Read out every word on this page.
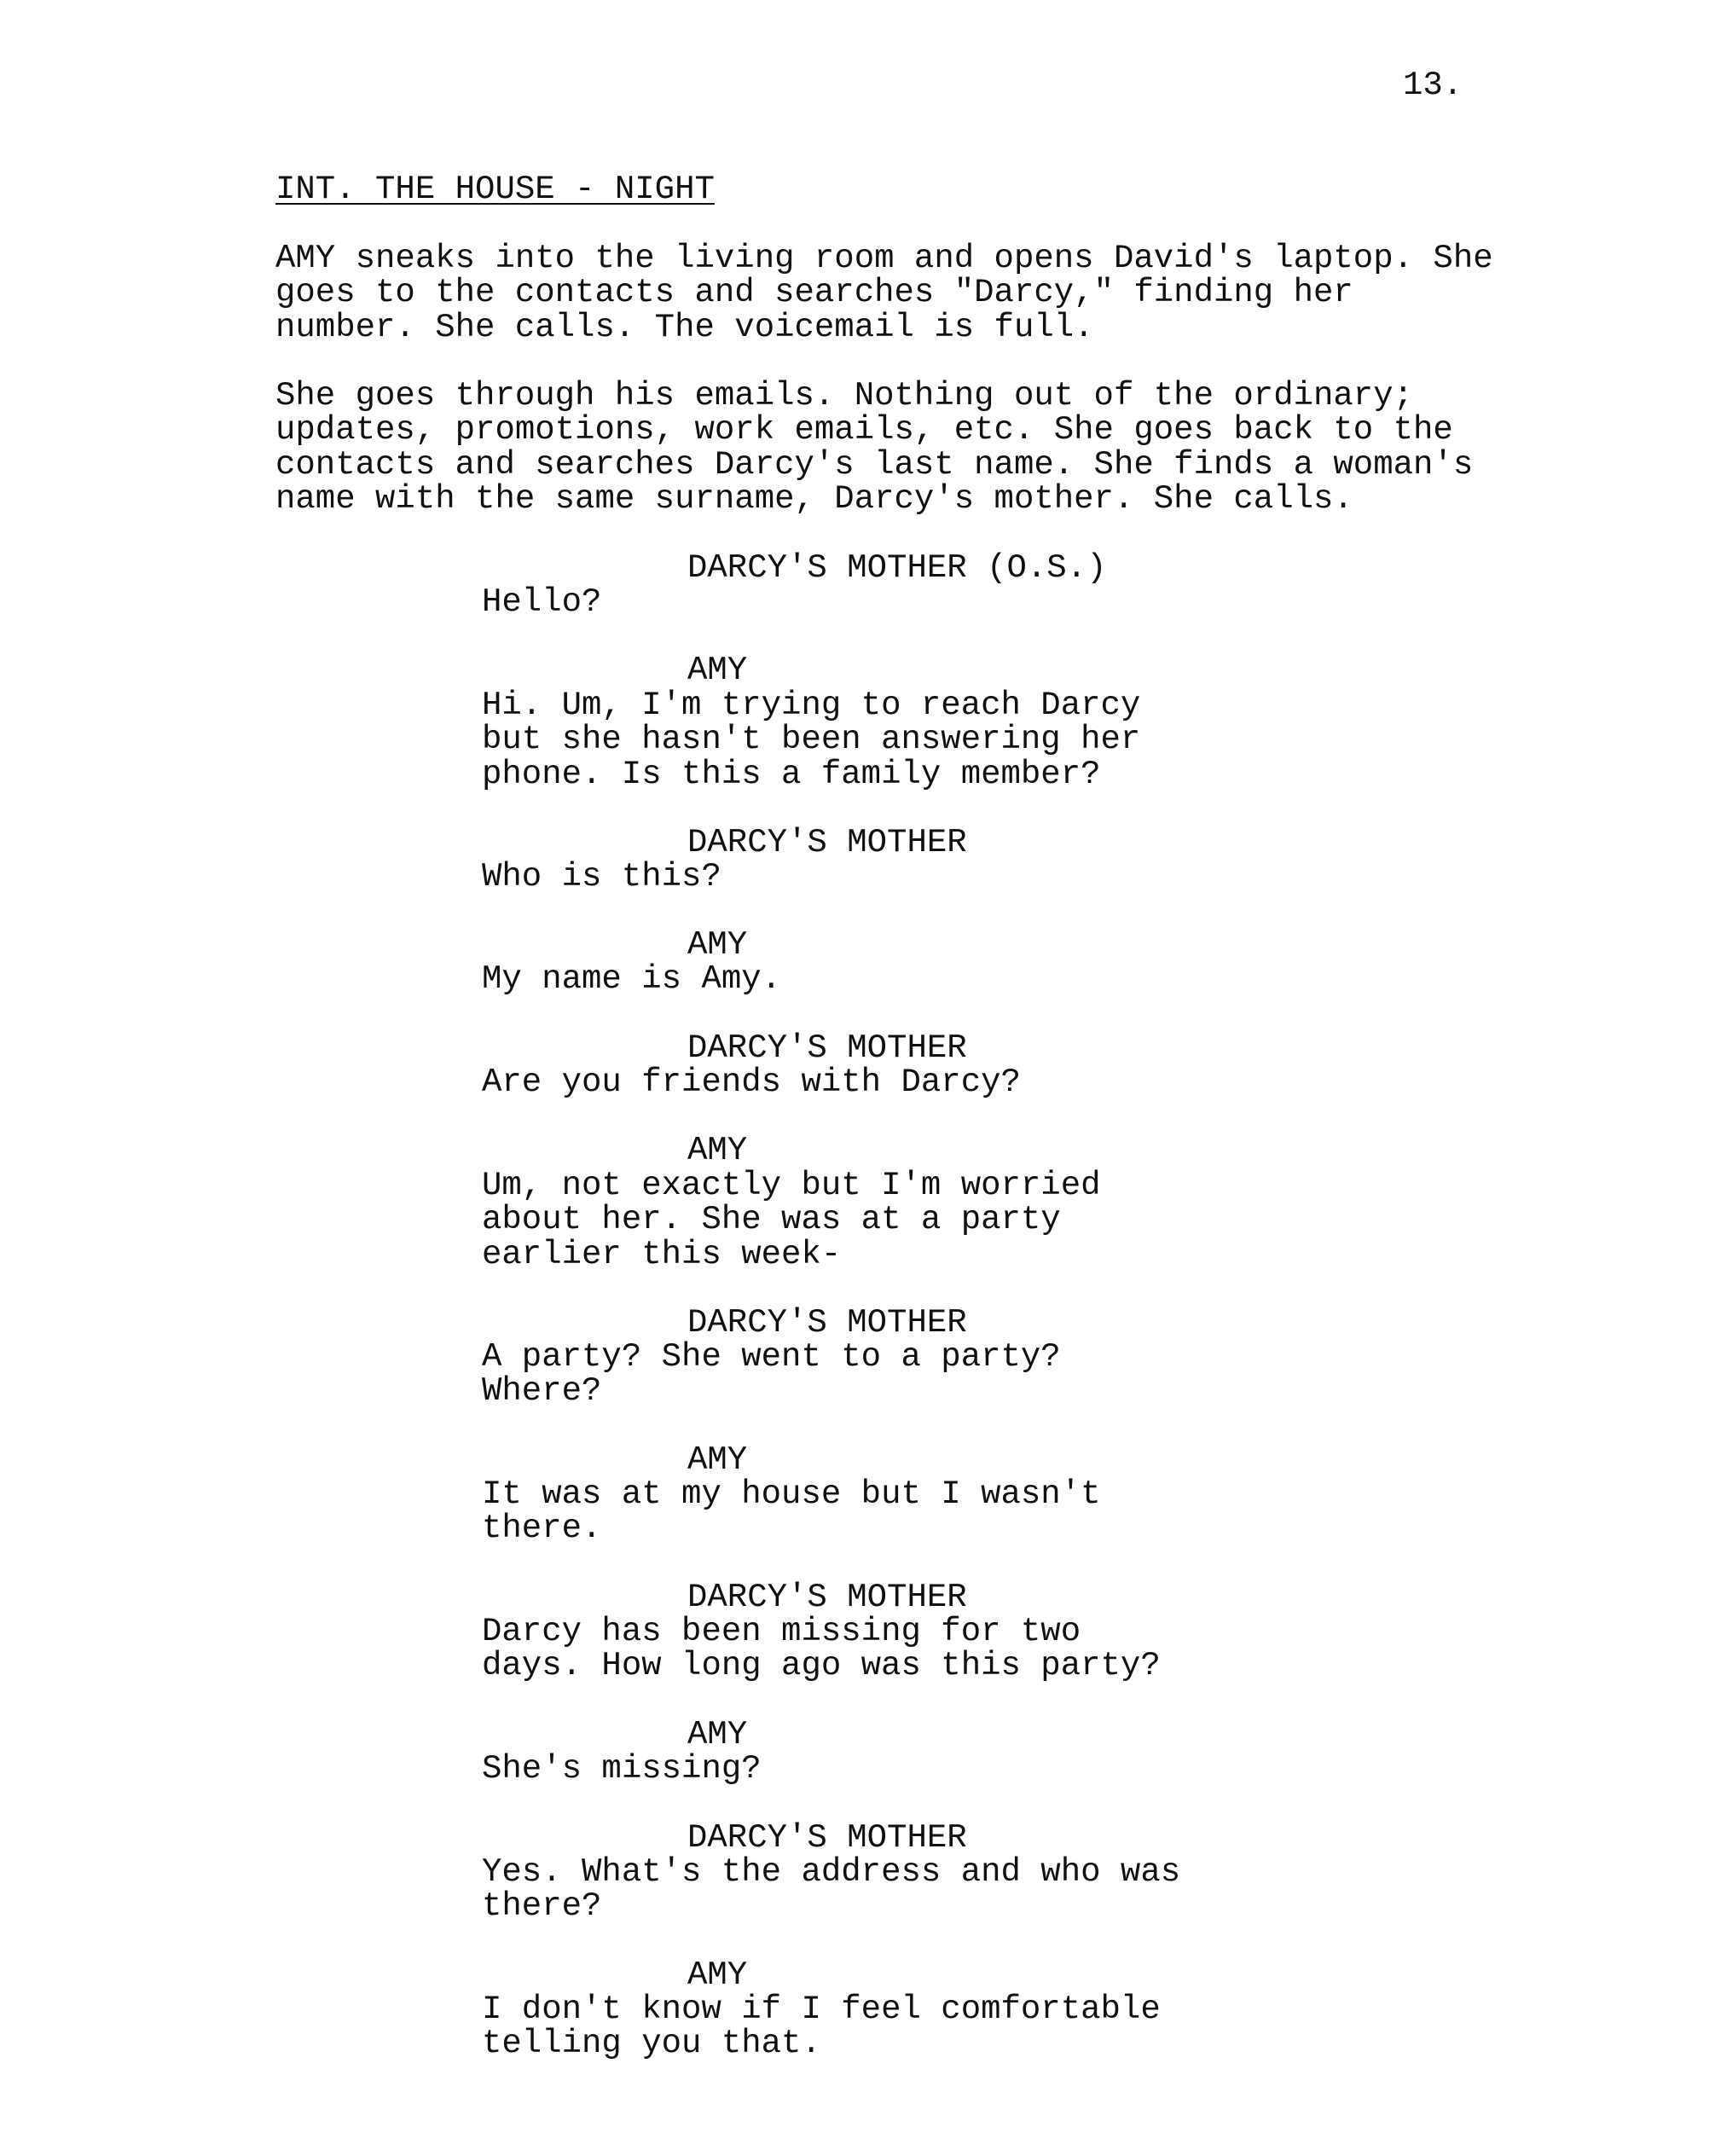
13.
INT. THE HOUSE - NIGHT
AMY sneaks into the living room and opens David's laptop. She
goes to the contacts and searches "Darcy," finding her
number. She calls. The voicemail is full.
She goes through his emails. Nothing out of the ordinary;
updates, promotions, work emails, etc. She goes back to the
contacts and searches Darcy's last name. She finds a woman's
name with the same surname, Darcy's mother. She calls.
DARCY'S MOTHER (O.S.)
Hello?
AMY
Hi. Um, I'm trying to reach Darcy
but she hasn't been answering her
phone. Is this a family member?
DARCY'S MOTHER
Who is this?
AMY
My name is Amy.
DARCY'S MOTHER
Are you friends with Darcy?
AMY
Um, not exactly but I'm worried
about her. She was at a party
earlier this week-
DARCY'S MOTHER
A party? She went to a party?
Where?
AMY
It was at my house but I wasn't
there.
DARCY'S MOTHER
Darcy has been missing for two
days. How long ago was this party?
AMY
She's missing?
DARCY'S MOTHER
Yes. What's the address and who was
there?
AMY
I don't know if I feel comfortable
telling you that.
